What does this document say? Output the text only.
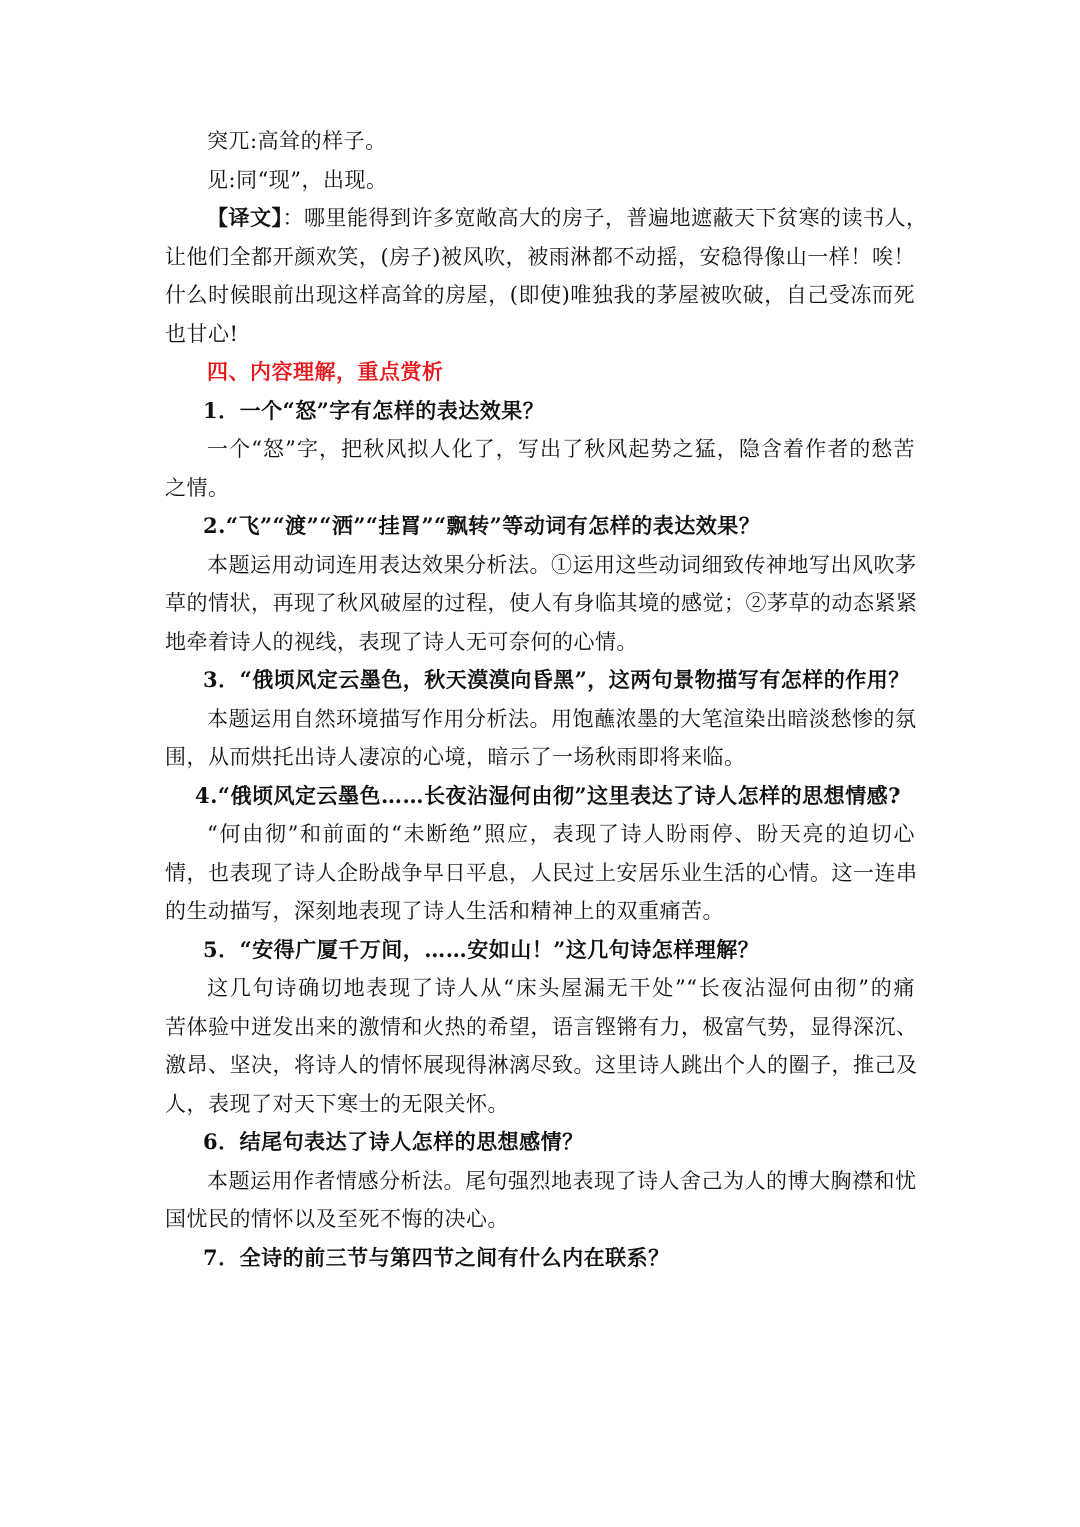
突兀:高耸的样子。
见:同“现”，出现。
【译文】：哪里能得到许多宽敞高大的房子，普遍地遮蔽天下贫寒的读书人，
让他们全都开颜欢笑，(房子)被风吹，被雨淋都不动摇，安稳得像山一样！唉！
什么时候眼前出现这样高耸的房屋，(即使)唯独我的茅屋被吹破，自己受冻而死
也甘心!
四、内容理解，重点赏析
1．一个“怒”字有怎样的表达效果？
一个“怒”字，把秋风拟人化了，写出了秋风起势之猛，隐含着作者的愁苦
之情。
2.“飞”“渡”“洒”“挂罥”“飘转”等动词有怎样的表达效果？
本题运用动词连用表达效果分析法。①运用这些动词细致传神地写出风吹茅
草的情状，再现了秋风破屋的过程，使人有身临其境的感觉；②茅草的动态紧紧
地牵着诗人的视线，表现了诗人无可奈何的心情。
3．“俄顷风定云墨色，秋天漠漠向昏黑”，这两句景物描写有怎样的作用？
本题运用自然环境描写作用分析法。用饱蘸浓墨的大笔渲染出暗淡愁惨的氛
围，从而烘托出诗人凄凉的心境，暗示了一场秋雨即将来临。
4.“俄顷风定云墨色……长夜沾湿何由彻”这里表达了诗人怎样的思想情感?
“何由彻”和前面的“未断绝”照应，表现了诗人盼雨停、盼天亮的迫切心
情，也表现了诗人企盼战争早日平息，人民过上安居乐业生活的心情。这一连串
的生动描写，深刻地表现了诗人生活和精神上的双重痛苦。
5．“安得广厦千万间，……安如山！”这几句诗怎样理解？
这几句诗确切地表现了诗人从“床头屋漏无干处”“长夜沾湿何由彻”的痛
苦体验中迸发出来的激情和火热的希望，语言铿锵有力，极富气势，显得深沉、
激昂、坚决，将诗人的情怀展现得淋漓尽致。这里诗人跳出个人的圈子，推己及
人，表现了对天下寒士的无限关怀。
6．结尾句表达了诗人怎样的思想感情？
本题运用作者情感分析法。尾句强烈地表现了诗人舍己为人的博大胸襟和忧
国忧民的情怀以及至死不悔的决心。
7．全诗的前三节与第四节之间有什么内在联系？
